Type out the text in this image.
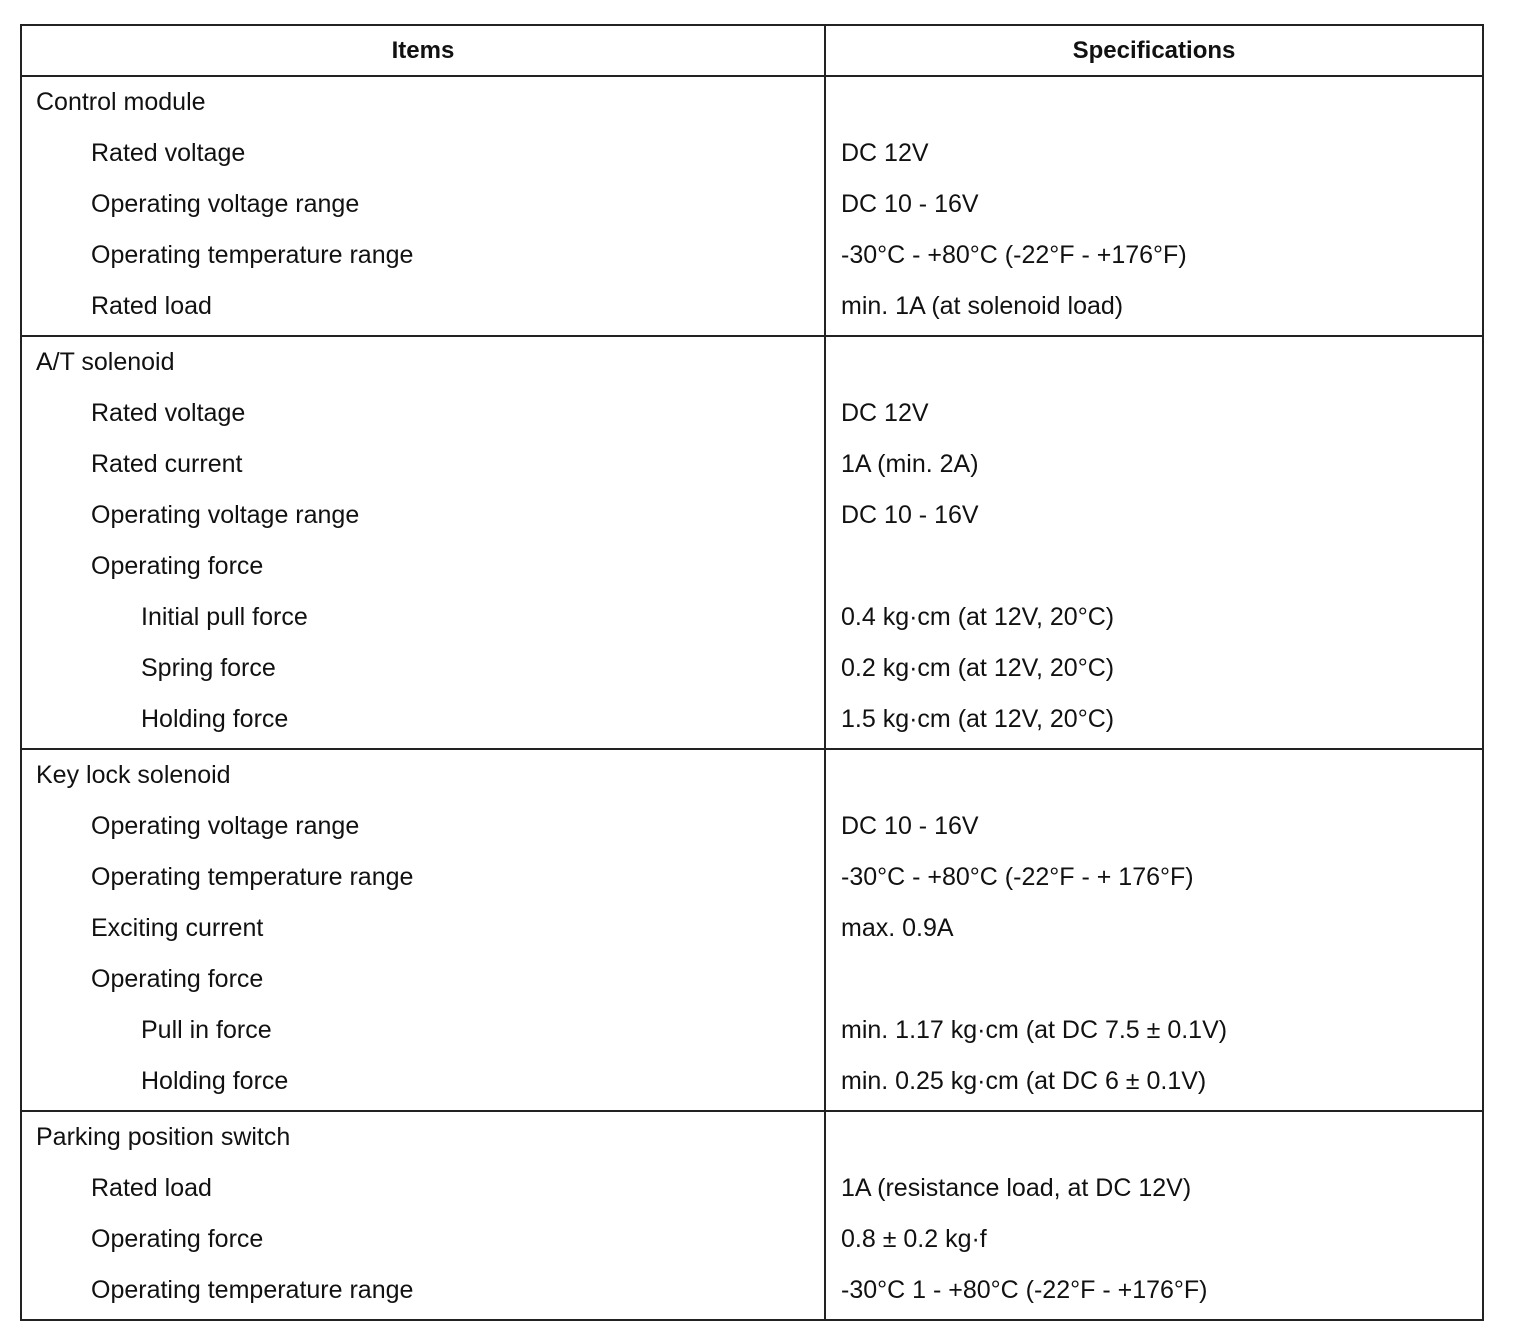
Items	Specifications
Control module	
Rated voltage	DC 12V
Operating voltage range	DC 10 - 16V
Operating temperature range	-30°C - +80°C (-22°F - +176°F)
Rated load	min. 1A (at solenoid load)
A/T solenoid	
Rated voltage	DC 12V
Rated current	1A (min. 2A)
Operating voltage range	DC 10 - 16V
Operating force	
Initial pull force	0.4 kg·cm (at 12V, 20°C)
Spring force	0.2 kg·cm (at 12V, 20°C)
Holding force	1.5 kg·cm (at 12V, 20°C)
Key lock solenoid	
Operating voltage range	DC 10 - 16V
Operating temperature range	-30°C - +80°C (-22°F - + 176°F)
Exciting current	max. 0.9A
Operating force	
Pull in force	min. 1.17 kg·cm (at DC 7.5 ± 0.1V)
Holding force	min. 0.25 kg·cm (at DC 6 ± 0.1V)
Parking position switch	
Rated load	1A (resistance load, at DC 12V)
Operating force	0.8 ± 0.2 kg·f
Operating temperature range	-30°C 1 - +80°C (-22°F - +176°F)
